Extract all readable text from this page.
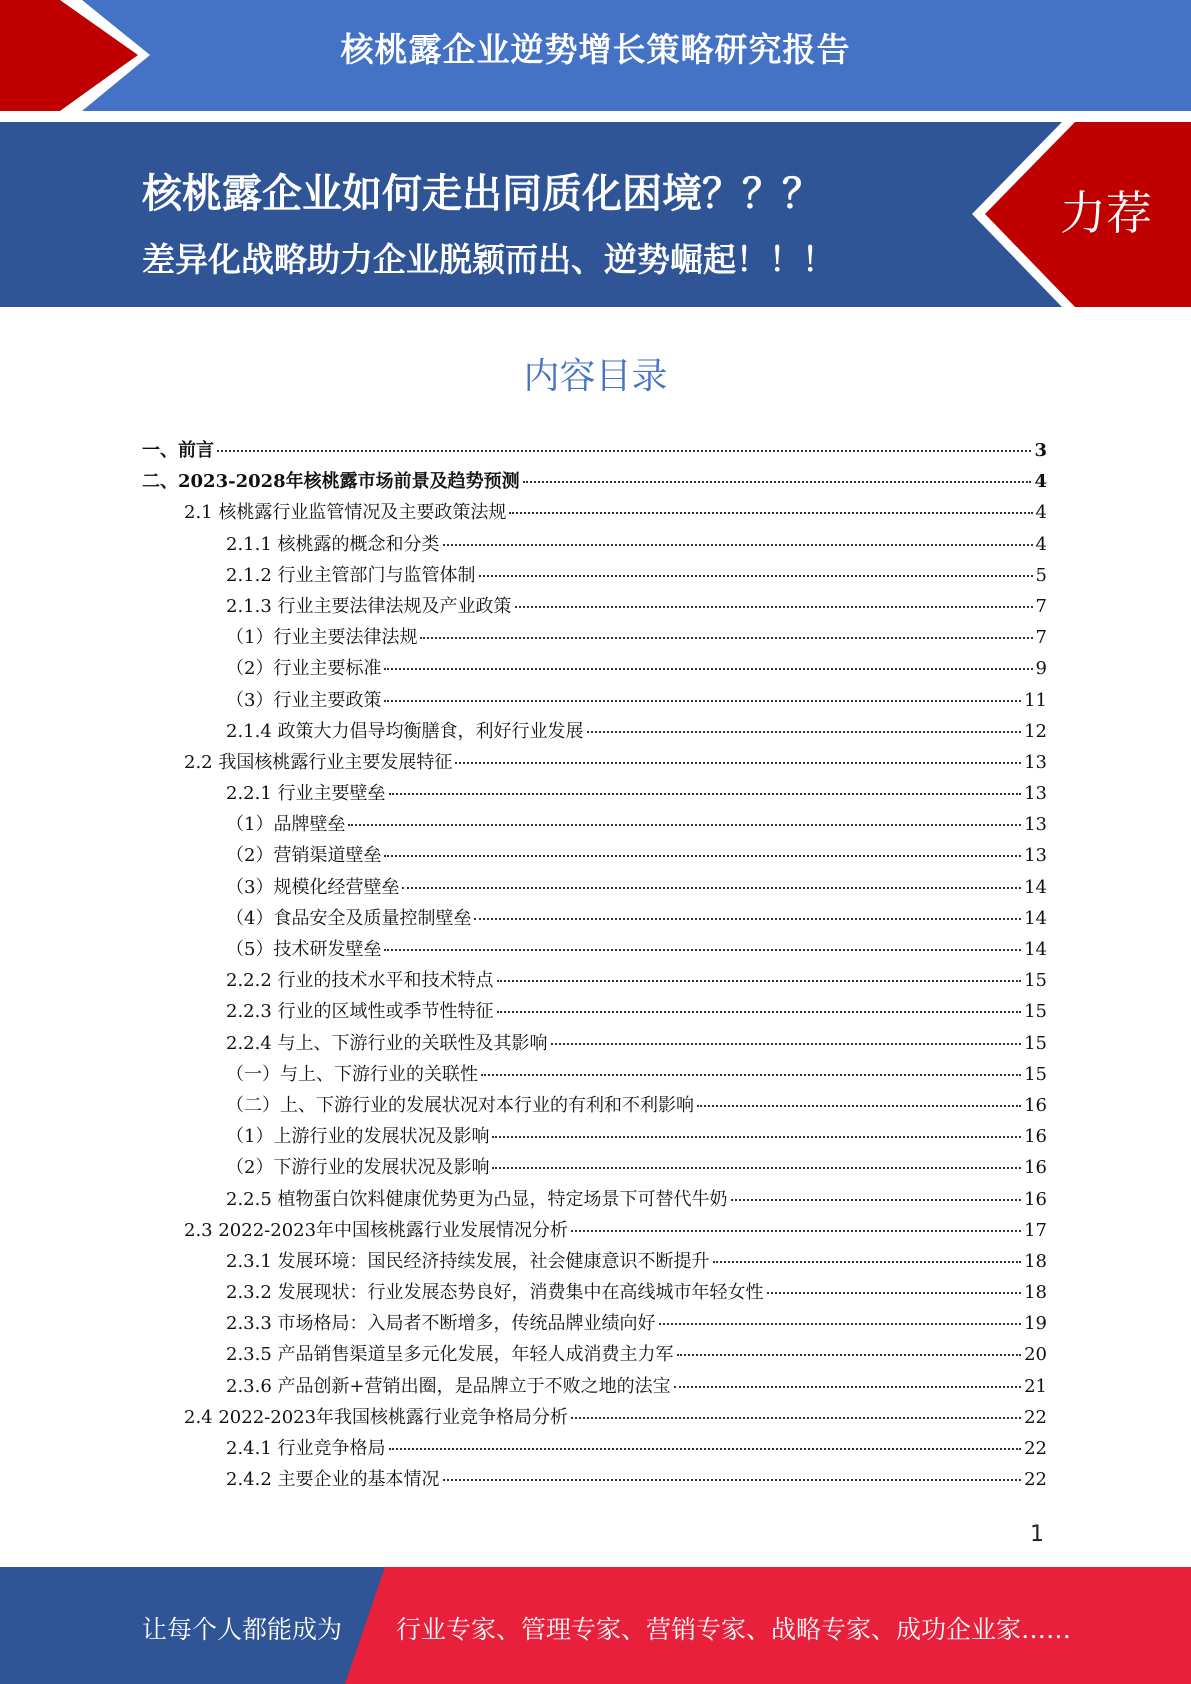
核桃露企业逆势增长策略研究报告
核桃露企业如何走出同质化困境？？？
差异化战略助力企业脱颖而出、逆势崛起！！！
力荐
内容目录
一、前言	3
二、2023-2028年核桃露市场前景及趋势预测	4
2.1 核桃露行业监管情况及主要政策法规	4
2.1.1 核桃露的概念和分类	4
2.1.2 行业主管部门与监管体制	5
2.1.3 行业主要法律法规及产业政策	7
（1）行业主要法律法规	7
（2）行业主要标准	9
（3）行业主要政策	11
2.1.4 政策大力倡导均衡膳食，利好行业发展	12
2.2 我国核桃露行业主要发展特征	13
2.2.1 行业主要壁垒	13
（1）品牌壁垒	13
（2）营销渠道壁垒	13
（3）规模化经营壁垒	14
（4）食品安全及质量控制壁垒	14
（5）技术研发壁垒	14
2.2.2 行业的技术水平和技术特点	15
2.2.3 行业的区域性或季节性特征	15
2.2.4 与上、下游行业的关联性及其影响	15
（一）与上、下游行业的关联性	15
（二）上、下游行业的发展状况对本行业的有利和不利影响	16
（1）上游行业的发展状况及影响	16
（2）下游行业的发展状况及影响	16
2.2.5 植物蛋白饮料健康优势更为凸显，特定场景下可替代牛奶	16
2.3 2022-2023年中国核桃露行业发展情况分析	17
2.3.1 发展环境：国民经济持续发展，社会健康意识不断提升	18
2.3.2 发展现状：行业发展态势良好，消费集中在高线城市年轻女性	18
2.3.3 市场格局：入局者不断增多，传统品牌业绩向好	19
2.3.5 产品销售渠道呈多元化发展，年轻人成消费主力军	20
2.3.6 产品创新+营销出圈，是品牌立于不败之地的法宝	21
2.4 2022-2023年我国核桃露行业竞争格局分析	22
2.4.1 行业竞争格局	22
2.4.2 主要企业的基本情况	22
1
让每个人都能成为 行业专家、管理专家、营销专家、战略专家、成功企业家……
